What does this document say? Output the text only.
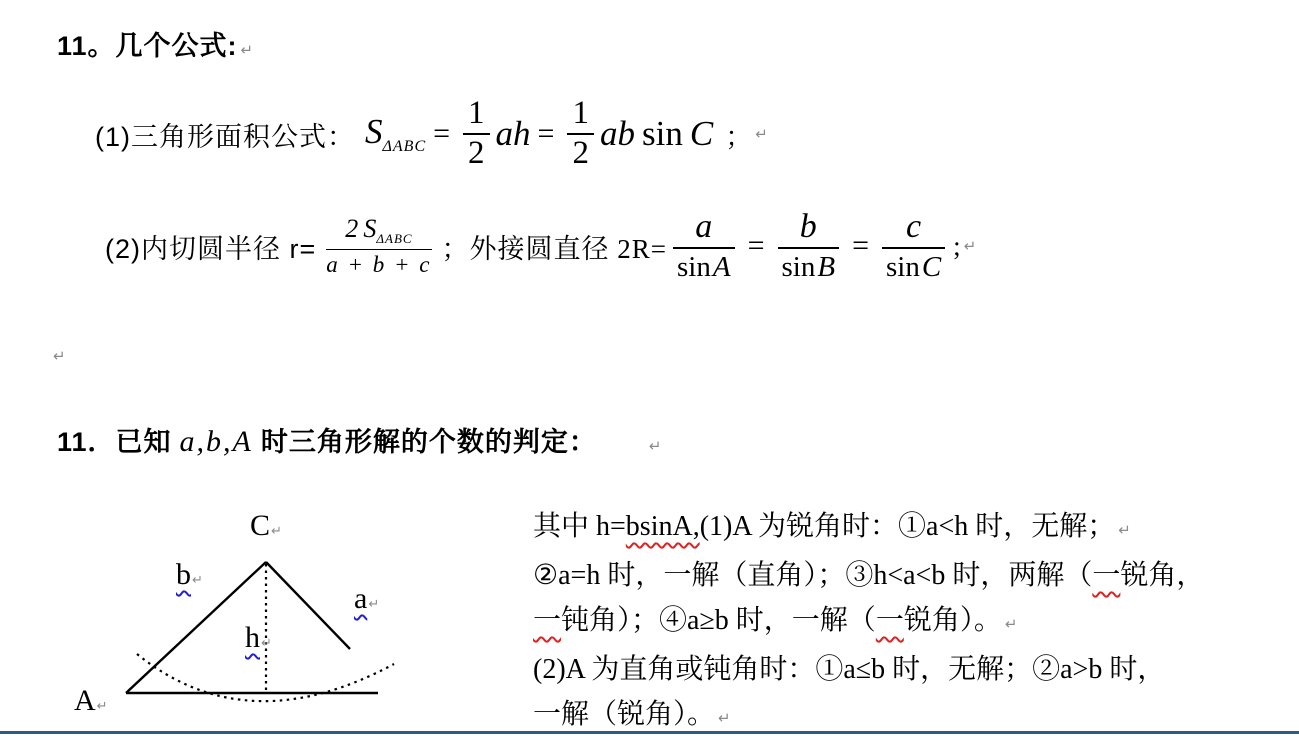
11。几个公式: ↵
(1)三角形面积公式： $S_{\Delta ABC} = \frac{1}{2}$ ah = $\frac{1}{2}$ ab  sin  C ； ↵
(2)内切圆半径 $r= \frac{2 S_{\Delta ABC}}{a + b + c}$ ；外接圆直径 $2R= \frac{a}{\sin A} = \frac{b}{\sin B} = \frac{c}{\sin C}$ ; ↵
↵
11．已知 a,b,A 时三角形解的个数的判定：	↵
C↵
b↵
a↵
h↵
A↵
其中 h=bsinA,(1)A 为锐角时：①a<h 时，无解； ↵
②a=h 时，一解（直角）；③h<a<b 时，两解（一锐角，
一钝角）；④a≥b 时，一解（一锐角）。 ↵
(2)A 为直角或钝角时：①a≤b 时，无解；②a>b 时，
一解（锐角）。 ↵
